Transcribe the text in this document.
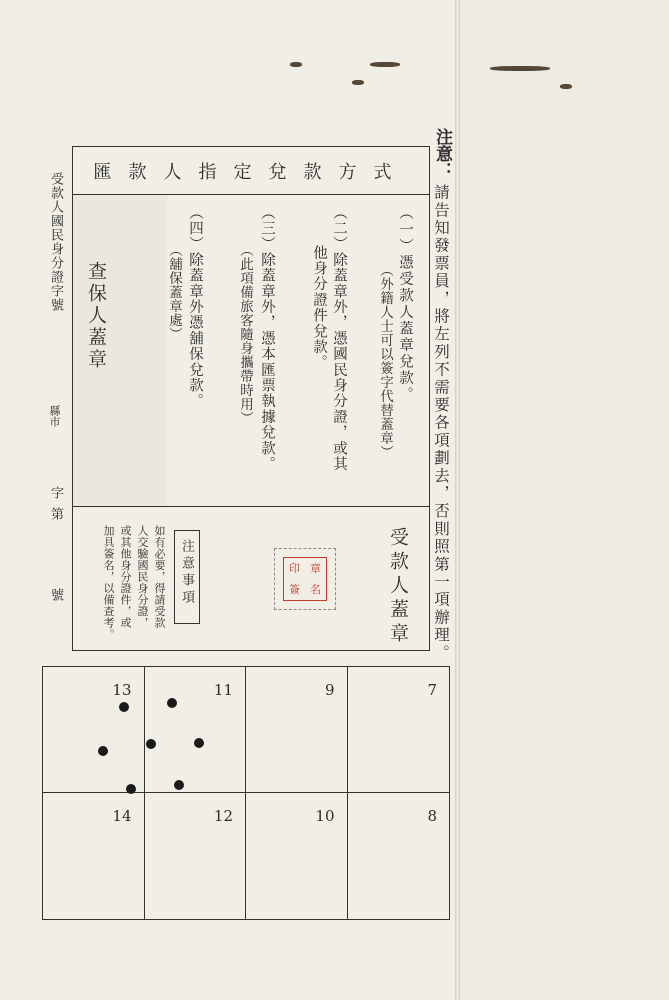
注意：
請告知發票員，將左列不需要各項劃去，否則照第一項辦理。
受款人國民身分證字號
縣市
字第
號
匯款人指定兌款方式
（一）憑受款人蓋章兌款。
（外籍人士可以簽字代替蓋章）
（二）除蓋章外，憑國民身分證，或其
他身分證件兌款。
（三）除蓋章外，憑本匯票執據兌款。
（此項備旅客隨身攜帶時用）
（四）除蓋章外憑舖保兌款。
（舖保蓋章處）
查保人蓋章
受款人蓋章
印 章
簽 名
注意事項
如有必要，得請受款
人交驗國民身分證，
或其他身分證件，或
加具簽名，以備查考。
13	11	9	7
14	12	10	8
